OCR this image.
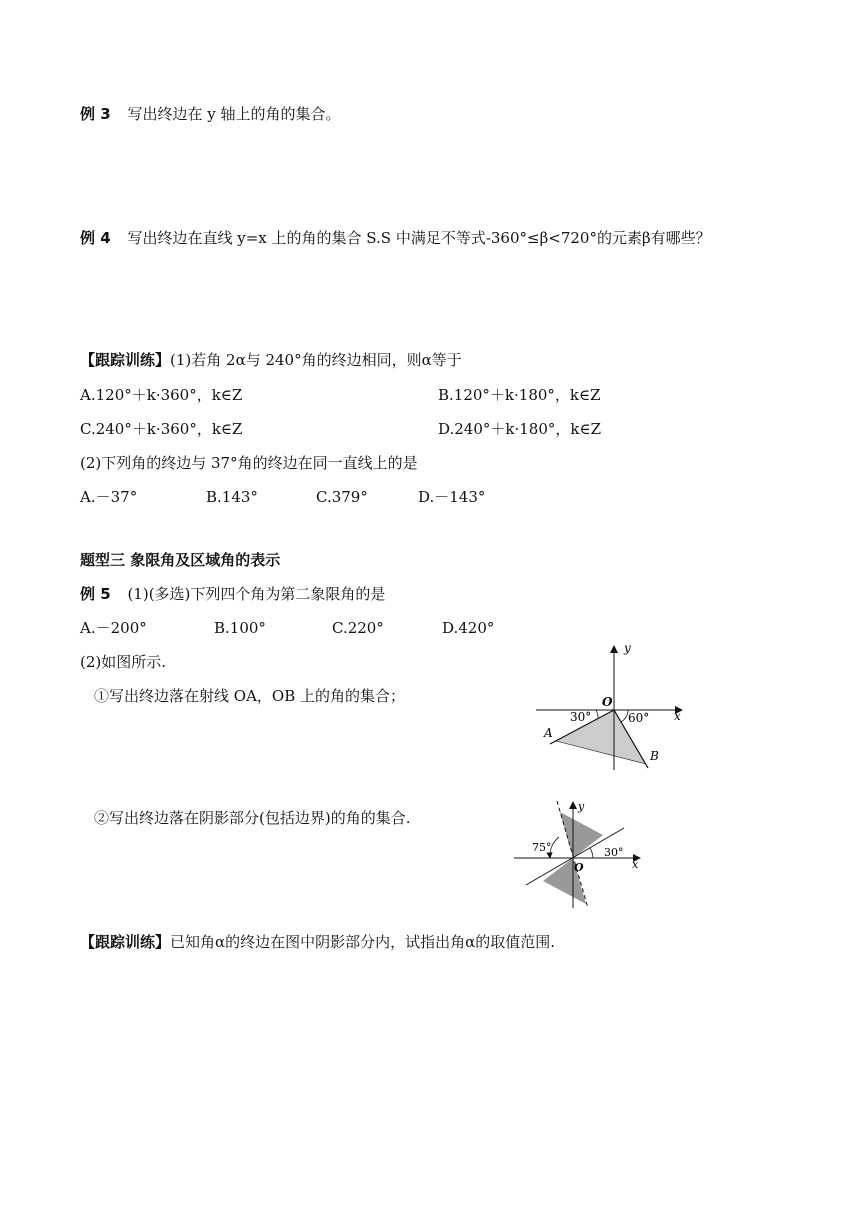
例 3 写出终边在 y 轴上的角的集合。
例 4 写出终边在直线 y=x 上的角的集合 S.S 中满足不等式-360°≤β<720°的元素β有哪些？
【跟踪训练】(1)若角 2α与 240°角的终边相同，则α等于
A.120°＋k·360°，k∈Z	B.120°＋k·180°，k∈Z
C.240°＋k·360°，k∈Z	D.240°＋k·180°，k∈Z
(2)下列角的终边与 37°角的终边在同一直线上的是
A.－37°	B.143°	C.379°	D.－143°
题型三 象限角及区域角的表示
例 5 (1)(多选)下列四个角为第二象限角的是
A.－200°	B.100°	C.220°	D.420°
(2)如图所示.
①写出终边落在射线 OA，OB 上的角的集合；
②写出终边落在阴影部分(包括边界)的角的集合.
【跟踪训练】已知角α的终边在图中阴影部分内，试指出角α的取值范围.
y
x
O
30°	60°
A
B
y
x
O
75°	30°
